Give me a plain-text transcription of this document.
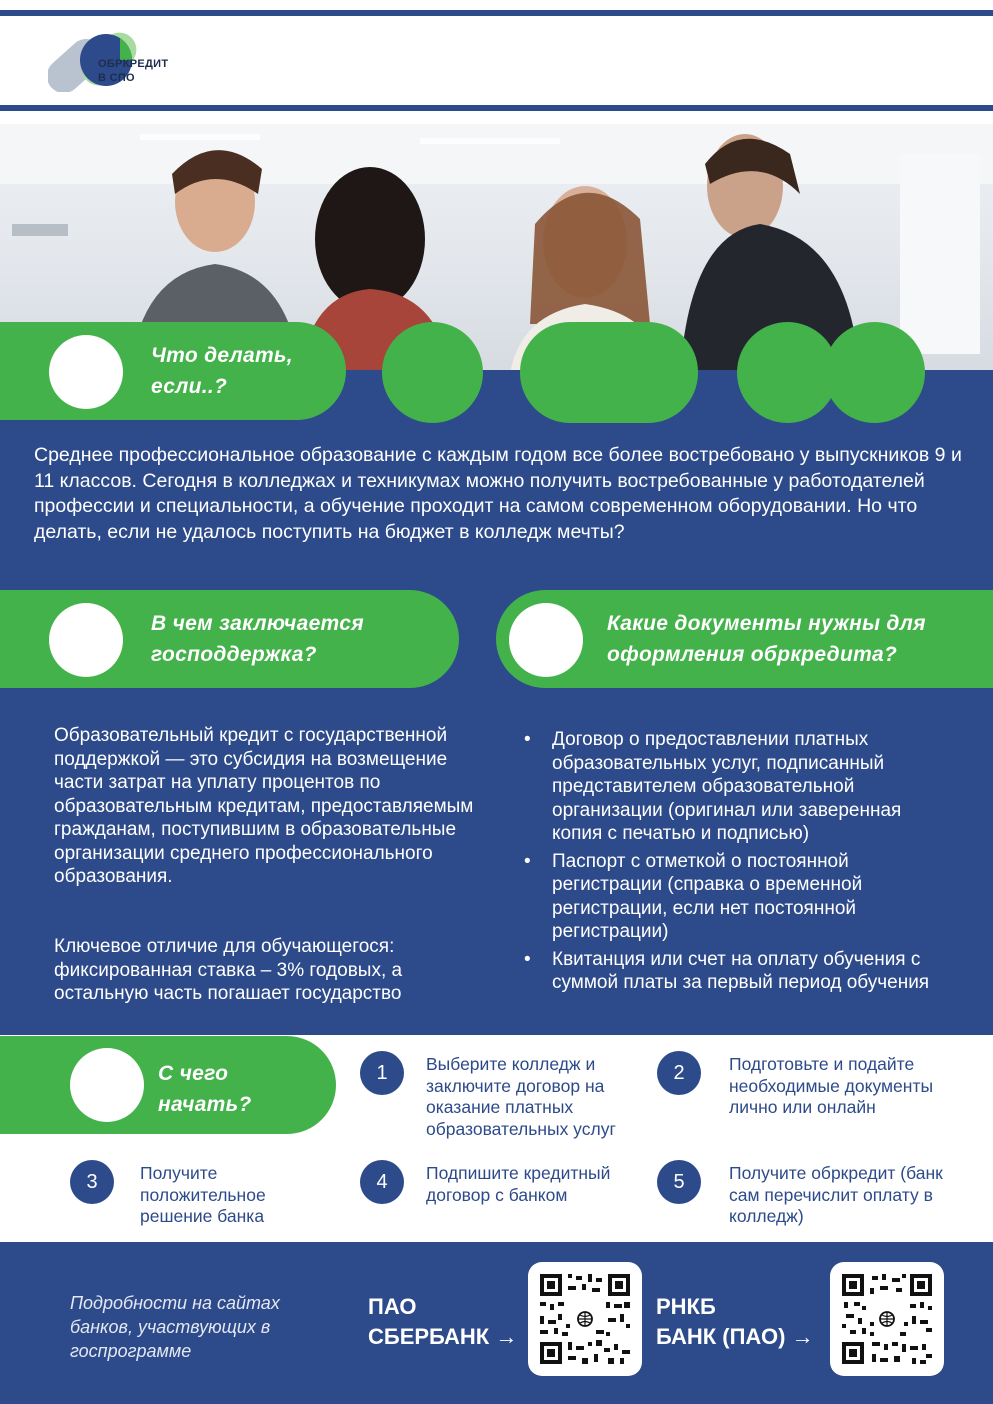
ОБРКРЕДИТ
В СПО
Что делать, если..?
Среднее профессиональное образование с каждым годом все более востребовано у выпускников 9 и 11 классов. Сегодня в колледжах и техникумах можно получить востребованные у работодателей профессии и специальности, а обучение проходит на самом современном оборудовании. Но что делать, если не удалось поступить на бюджет в колледж мечты?
В чем заключается господдержка?
Какие документы нужны для оформления обркредита?
Образовательный кредит с государственной поддержкой — это субсидия на возмещение части затрат на уплату процентов по образовательным кредитам, предоставляемым гражданам, поступившим в образовательные организации среднего профессионального образования.
Ключевое отличие для обучающегося: фиксированная ставка – 3% годовых, а остальную часть погашает государство
• Договор о предоставлении платных образовательных услуг, подписанный представителем образовательной организации (оригинал или заверенная копия с печатью и подписью)
• Паспорт с отметкой о постоянной регистрации (справка о временной регистрации, если нет постоянной регистрации)
• Квитанция или счет на оплату обучения с суммой платы за первый период обучения
С чего начать?
1	Выберите колледж и заключите договор на оказание платных образовательных услуг
2	Подготовьте и подайте необходимые документы лично или онлайн
3	Получите положительное решение банка
4	Подпишите кредитный договор с банком
5	Получите обркредит (банк сам перечислит оплату в колледж)
Подробности на сайтах банков, участвующих в госпрограмме
ПАО
СБЕРБАНК →
РНКБ
БАНК (ПАО) →
